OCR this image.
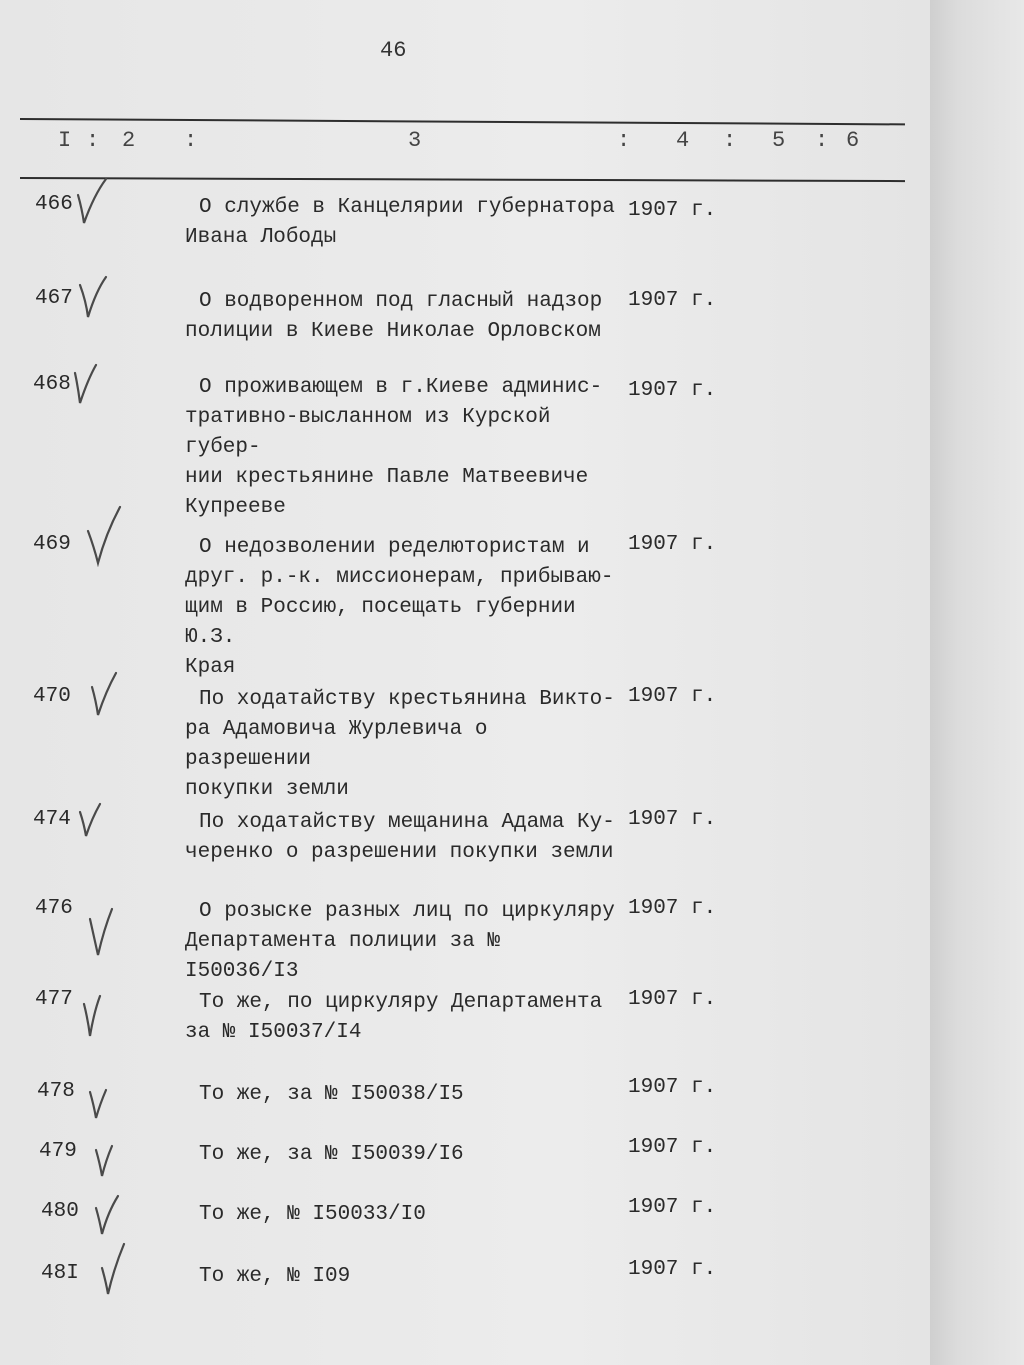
46
I : 2 :	3	: 4 : 5 : 6
466	О службе в Канцелярии губернатора
Ивана Лободы
1907 г.
467	О водворенном под гласный надзор
полиции в Киеве Николае Орловском
1907 г.
468	О проживающем в г.Киеве админис-
тративно-высланном из Курской губер-
нии крестьянине Павле Матвеевиче
Купрееве
1907 г.
469	О недозволении ределютористам и
друг. р.-к. миссионерам, прибываю-
щим в Россию, посещать губернии Ю.З.
Края
1907 г.
470	По ходатайству крестьянина Викто-
ра Адамовича Журлевича о разрешении
покупки земли
1907 г.
474	По ходатайству мещанина Адама Ку-
черенко о разрешении покупки земли
1907 г.
476	О розыске разных лиц по циркуляру
Департамента полиции за № I50036/I3
1907 г.
477	То же, по циркуляру Департамента
за № I50037/I4
1907 г.
478	То же, за № I50038/I5	1907 г.
479	То же, за № I50039/I6	1907 г.
480	То же, № I50033/I0	1907 г.
48I	То же, № I09	1907 г.
